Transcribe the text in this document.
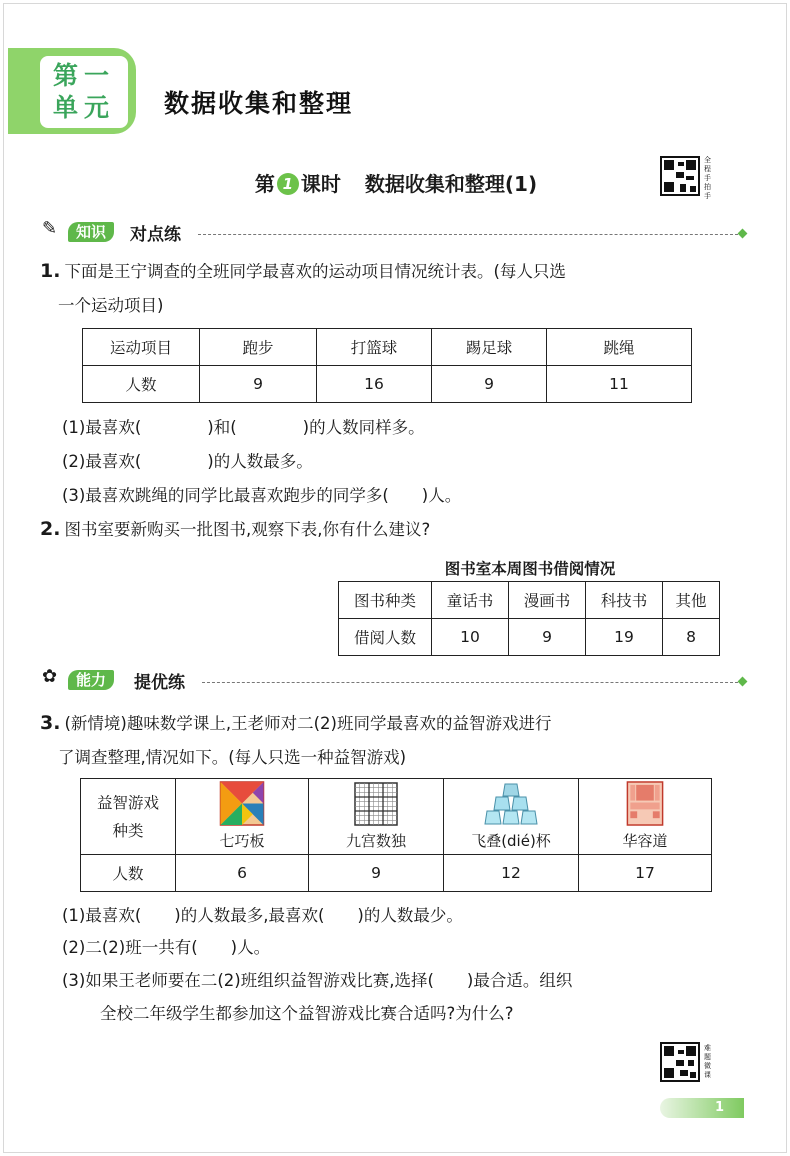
第一
单元 数据收集和整理
第 1 课时 数据收集和整理(1)
全程手拍手
✎	知识	对点练
1. 下面是王宁调查的全班同学最喜欢的运动项目情况统计表。(每人只选
一个运动项目)
运动项目	跑步	打篮球	踢足球	跳绳
人数	9	16	9	11
(1)最喜欢(　　　　)和(　　　　)的人数同样多。
(2)最喜欢(　　　　)的人数最多。
(3)最喜欢跳绳的同学比最喜欢跑步的同学多(　　)人。
2. 图书室要新购买一批图书,观察下表,你有什么建议?
图书室本周图书借阅情况
图书种类	童话书	漫画书	科技书	其他
借阅人数	10	9	19	8
✿	能力	提优练
3. (新情境)趣味数学课上,王老师对二(2)班同学最喜欢的益智游戏进行
了调查整理,情况如下。(每人只选一种益智游戏)
益智游戏
种类	七巧板	九宫数独	飞叠(dié)杯	华容道

人数	6	9	12	17
(1)最喜欢(　　)的人数最多,最喜欢(　　)的人数最少。
(2)二(2)班一共有(　　)人。
(3)如果王老师要在二(2)班组织益智游戏比赛,选择(　　)最合适。组织
全校二年级学生都参加这个益智游戏比赛合适吗?为什么?
难题微课
1
